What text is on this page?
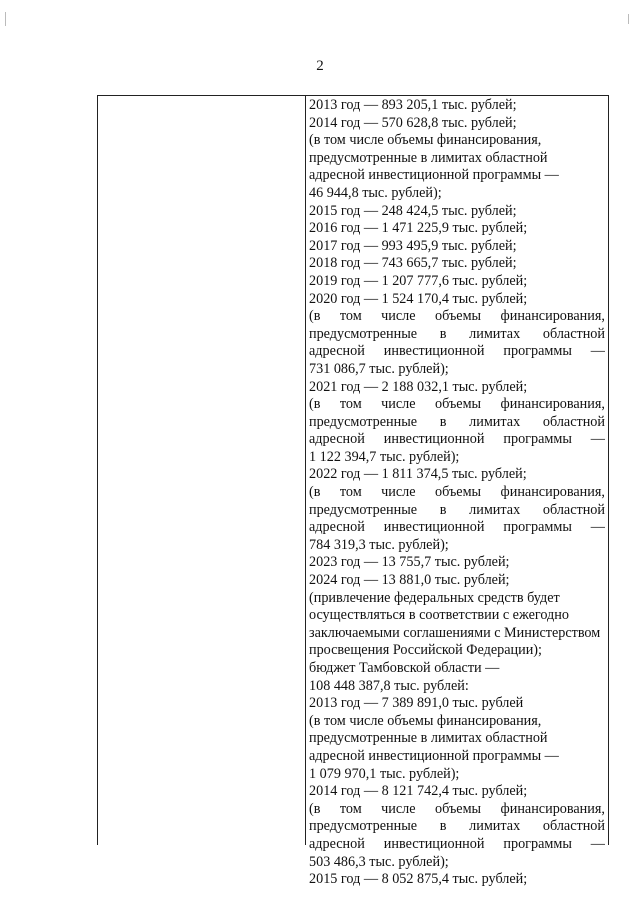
2
2013 год — 893 205,1 тыс. рублей;
2014 год — 570 628,8 тыс. рублей;
(в том числе объемы финансирования,
предусмотренные в лимитах областной
адресной инвестиционной программы —
46 944,8 тыс. рублей);
2015 год — 248 424,5 тыс. рублей;
2016 год — 1 471 225,9 тыс. рублей;
2017 год — 993 495,9 тыс. рублей;
2018 год — 743 665,7 тыс. рублей;
2019 год — 1 207 777,6 тыс. рублей;
2020 год — 1 524 170,4 тыс. рублей;
(в том числе объемы финансирования,
предусмотренные в лимитах областной
адресной инвестиционной программы —
731 086,7 тыс. рублей);
2021 год — 2 188 032,1 тыс. рублей;
(в том числе объемы финансирования,
предусмотренные в лимитах областной
адресной инвестиционной программы —
1 122 394,7 тыс. рублей);
2022 год — 1 811 374,5 тыс. рублей;
(в том числе объемы финансирования,
предусмотренные в лимитах областной
адресной инвестиционной программы —
784 319,3 тыс. рублей);
2023 год — 13 755,7 тыс. рублей;
2024 год — 13 881,0 тыс. рублей;
(привлечение федеральных средств будет
осуществляться в соответствии с ежегодно
заключаемыми соглашениями с Министерством
просвещения Российской Федерации);
бюджет Тамбовской области —
108 448 387,8 тыс. рублей:
2013 год — 7 389 891,0 тыс. рублей
(в том числе объемы финансирования,
предусмотренные в лимитах областной
адресной инвестиционной программы —
1 079 970,1 тыс. рублей);
2014 год — 8 121 742,4 тыс. рублей;
(в том числе объемы финансирования,
предусмотренные в лимитах областной
адресной инвестиционной программы —
503 486,3 тыс. рублей);
2015 год — 8 052 875,4 тыс. рублей;
